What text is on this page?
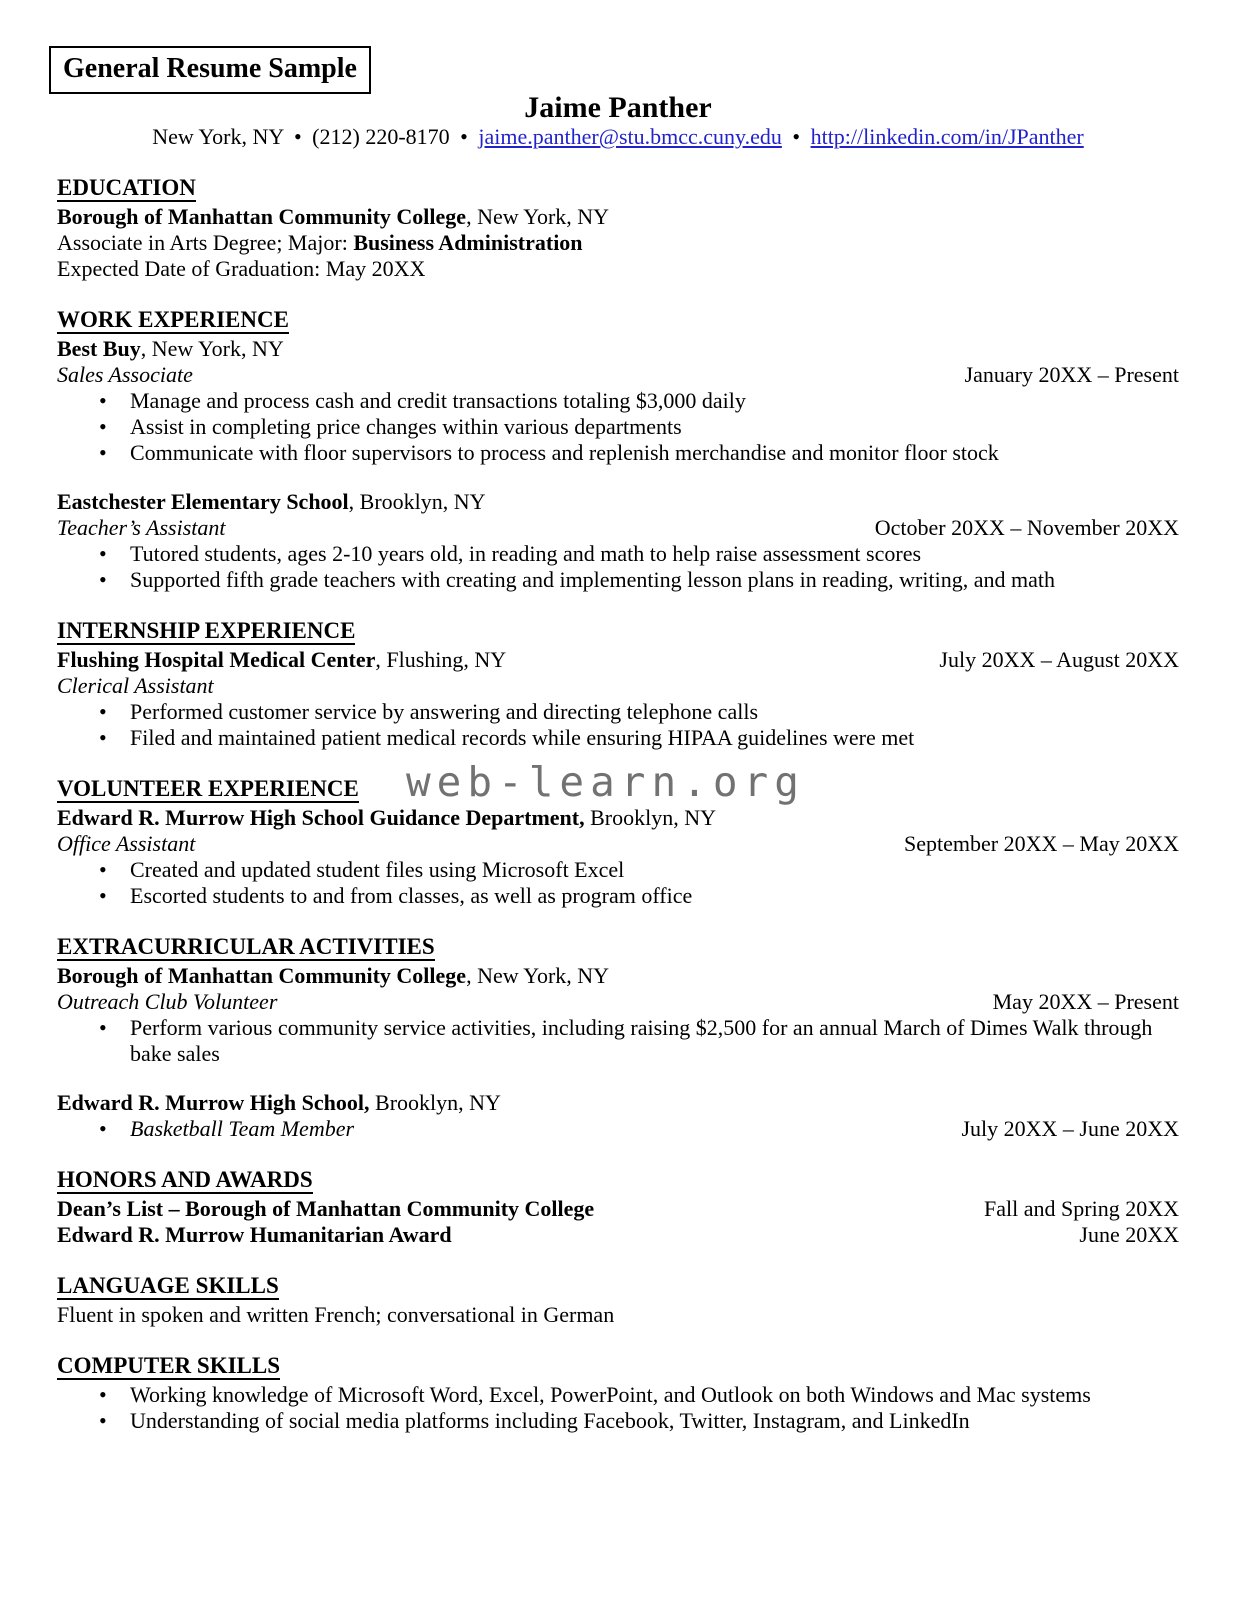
web-learn.org
General Resume Sample
Jaime Panther
New York, NY • (212) 220-8170 • jaime.panther@stu.bmcc.cuny.edu • http://linkedin.com/in/JPanther
EDUCATION
Borough of Manhattan Community College, New York, NY
Associate in Arts Degree; Major: Business Administration
Expected Date of Graduation: May 20XX
WORK EXPERIENCE
Best Buy, New York, NY
Sales Associate	January 20XX – Present
• Manage and process cash and credit transactions totaling $3,000 daily
• Assist in completing price changes within various departments
• Communicate with floor supervisors to process and replenish merchandise and monitor floor stock
Eastchester Elementary School, Brooklyn, NY
Teacher’s Assistant	October 20XX – November 20XX
• Tutored students, ages 2-10 years old, in reading and math to help raise assessment scores
• Supported fifth grade teachers with creating and implementing lesson plans in reading, writing, and math
INTERNSHIP EXPERIENCE
Flushing Hospital Medical Center, Flushing, NY	July 20XX – August 20XX
Clerical Assistant
• Performed customer service by answering and directing telephone calls
• Filed and maintained patient medical records while ensuring HIPAA guidelines were met
VOLUNTEER EXPERIENCE
Edward R. Murrow High School Guidance Department, Brooklyn, NY
Office Assistant	September 20XX – May 20XX
• Created and updated student files using Microsoft Excel
• Escorted students to and from classes, as well as program office
EXTRACURRICULAR ACTIVITIES
Borough of Manhattan Community College, New York, NY
Outreach Club Volunteer	May 20XX – Present
• Perform various community service activities, including raising $2,500 for an annual March of Dimes Walk through bake sales
Edward R. Murrow High School, Brooklyn, NY
• Basketball Team Member	July 20XX – June 20XX
HONORS AND AWARDS
Dean’s List – Borough of Manhattan Community College	Fall and Spring 20XX
Edward R. Murrow Humanitarian Award	June 20XX
LANGUAGE SKILLS
Fluent in spoken and written French; conversational in German
COMPUTER SKILLS
• Working knowledge of Microsoft Word, Excel, PowerPoint, and Outlook on both Windows and Mac systems
• Understanding of social media platforms including Facebook, Twitter, Instagram, and LinkedIn
